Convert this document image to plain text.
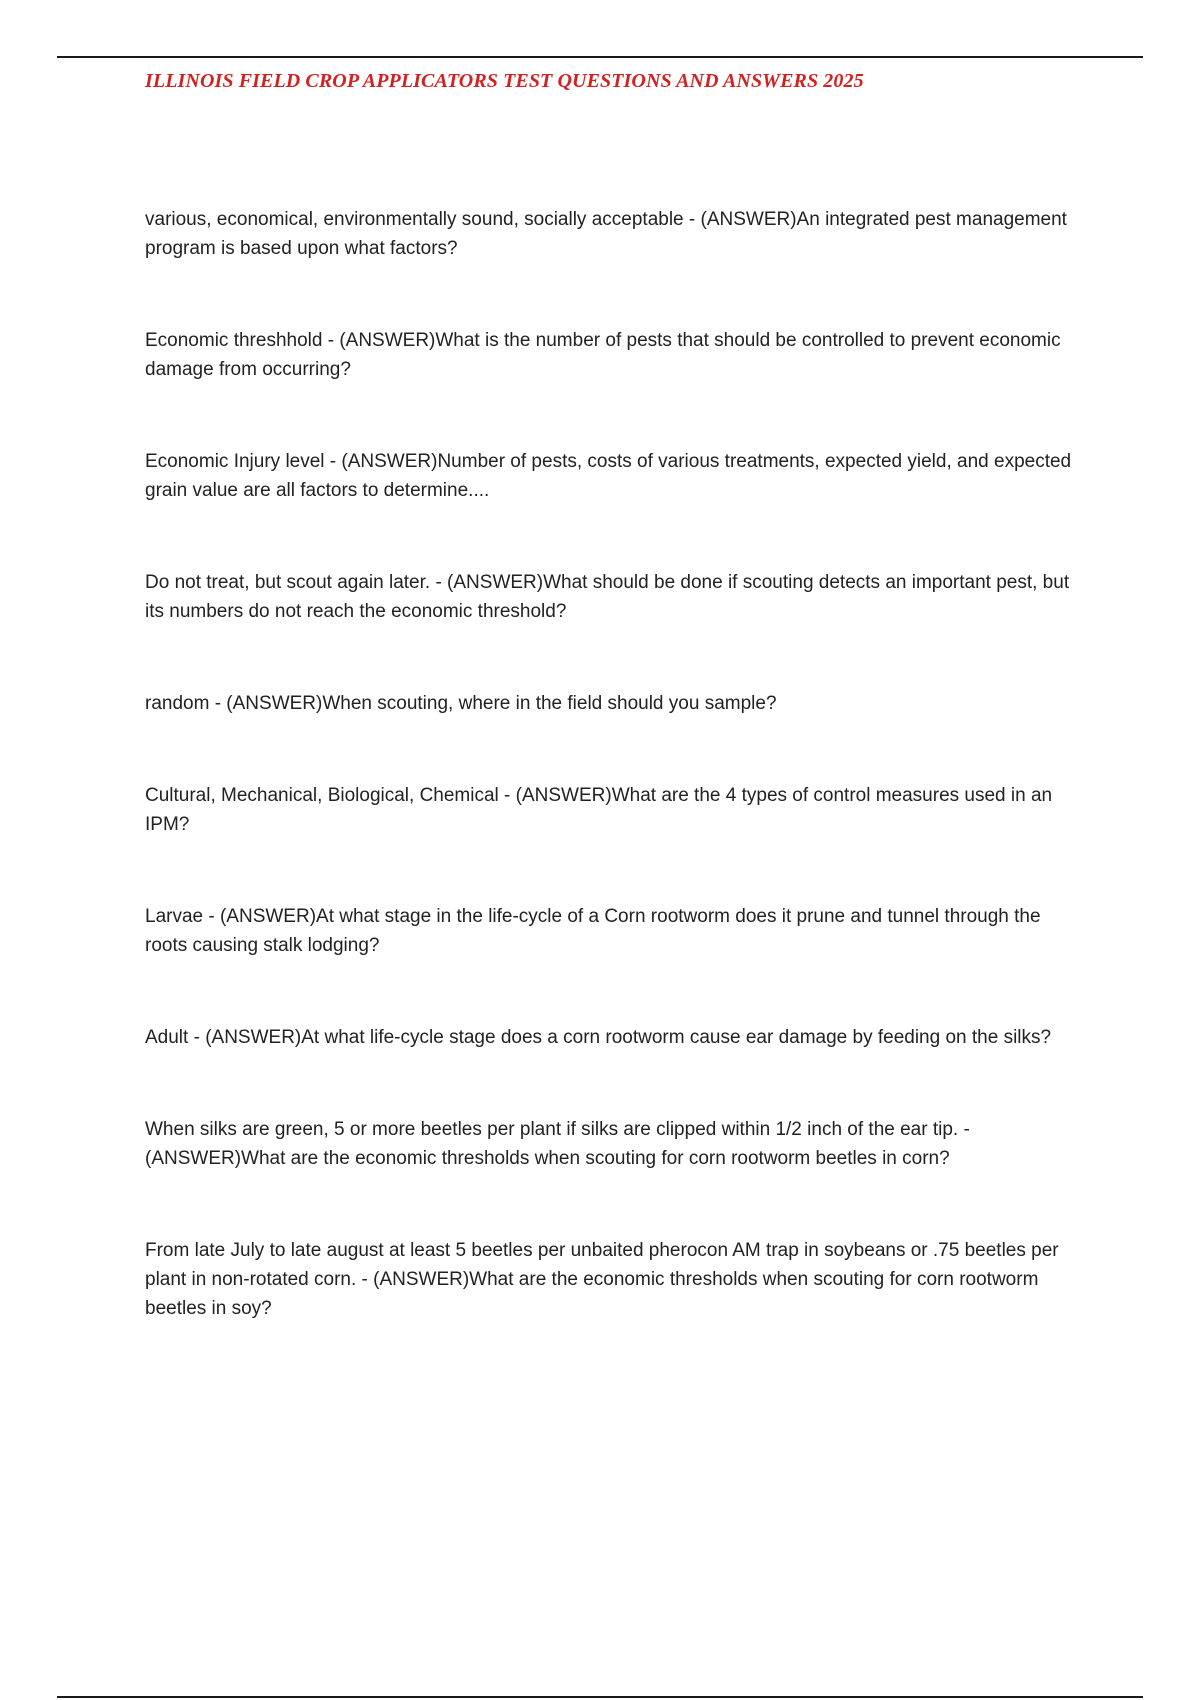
ILLINOIS FIELD CROP APPLICATORS TEST QUESTIONS AND ANSWERS 2025
various, economical, environmentally sound, socially acceptable - (ANSWER)An integrated pest management program is based upon what factors?
Economic threshhold - (ANSWER)What is the number of pests that should be controlled to prevent economic damage from occurring?
Economic Injury level - (ANSWER)Number of pests, costs of various treatments, expected yield, and expected grain value are all factors to determine....
Do not treat, but scout again later. - (ANSWER)What should be done if scouting detects an important pest, but its numbers do not reach the economic threshold?
random - (ANSWER)When scouting, where in the field should you sample?
Cultural, Mechanical, Biological, Chemical - (ANSWER)What are the 4 types of control measures used in an IPM?
Larvae - (ANSWER)At what stage in the life-cycle of a Corn rootworm does it prune and tunnel through the roots causing stalk lodging?
Adult - (ANSWER)At what life-cycle stage does a corn rootworm cause ear damage by feeding on the silks?
When silks are green, 5 or more beetles per plant if silks are clipped within 1/2 inch of the ear tip. - (ANSWER)What are the economic thresholds when scouting for corn rootworm beetles in corn?
From late July to late august at least 5 beetles per unbaited pherocon AM trap in soybeans or .75 beetles per plant in non-rotated corn. - (ANSWER)What are the economic thresholds when scouting for corn rootworm beetles in soy?
